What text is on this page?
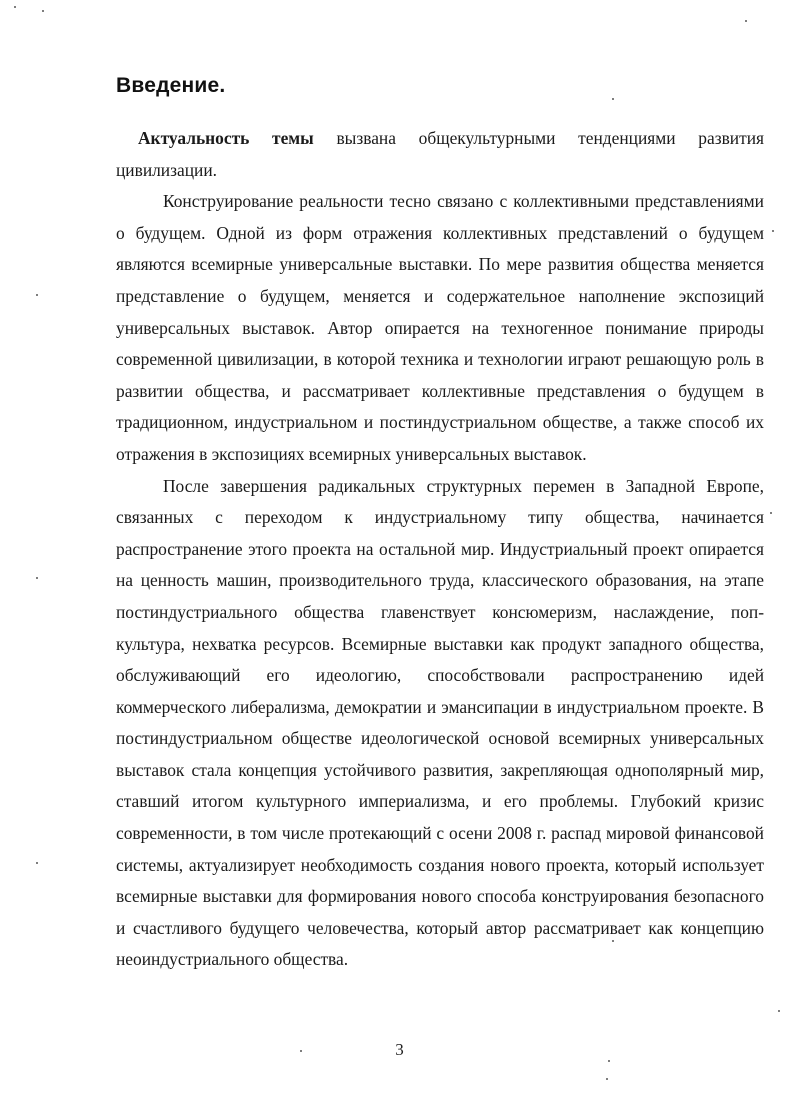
Введение.

Актуальность темы вызвана общекультурными тенденциями развития цивилизации.

Конструирование реальности тесно связано с коллективными представлениями о будущем. Одной из форм отражения коллективных представлений о будущем являются всемирные универсальные выставки. По мере развития общества меняется представление о будущем, меняется и содержательное наполнение экспозиций универсальных выставок. Автор опирается на техногенное понимание природы современной цивилизации, в которой техника и технологии играют решающую роль в развитии общества, и рассматривает коллективные представления о будущем в традиционном, индустриальном и постиндустриальном обществе, а также способ их отражения в экспозициях всемирных универсальных выставок.

После завершения радикальных структурных перемен в Западной Европе, связанных с переходом к индустриальному типу общества, начинается распространение этого проекта на остальной мир. Индустриальный проект опирается на ценность машин, производительного труда, классического образования, на этапе постиндустриального общества главенствует консюмеризм, наслаждение, поп-культура, нехватка ресурсов. Всемирные выставки как продукт западного общества, обслуживающий его идеологию, способствовали распространению идей коммерческого либерализма, демократии и эмансипации в индустриальном проекте. В постиндустриальном обществе идеологической основой всемирных универсальных выставок стала концепция устойчивого развития, закрепляющая однополярный мир, ставший итогом культурного империализма, и его проблемы. Глубокий кризис современности, в том числе протекающий с осени 2008 г. распад мировой финансовой системы, актуализирует необходимость создания нового проекта, который использует всемирные выставки для формирования нового способа конструирования безопасного и счастливого будущего человечества, который автор рассматривает как концепцию неоиндустриального общества.

3
